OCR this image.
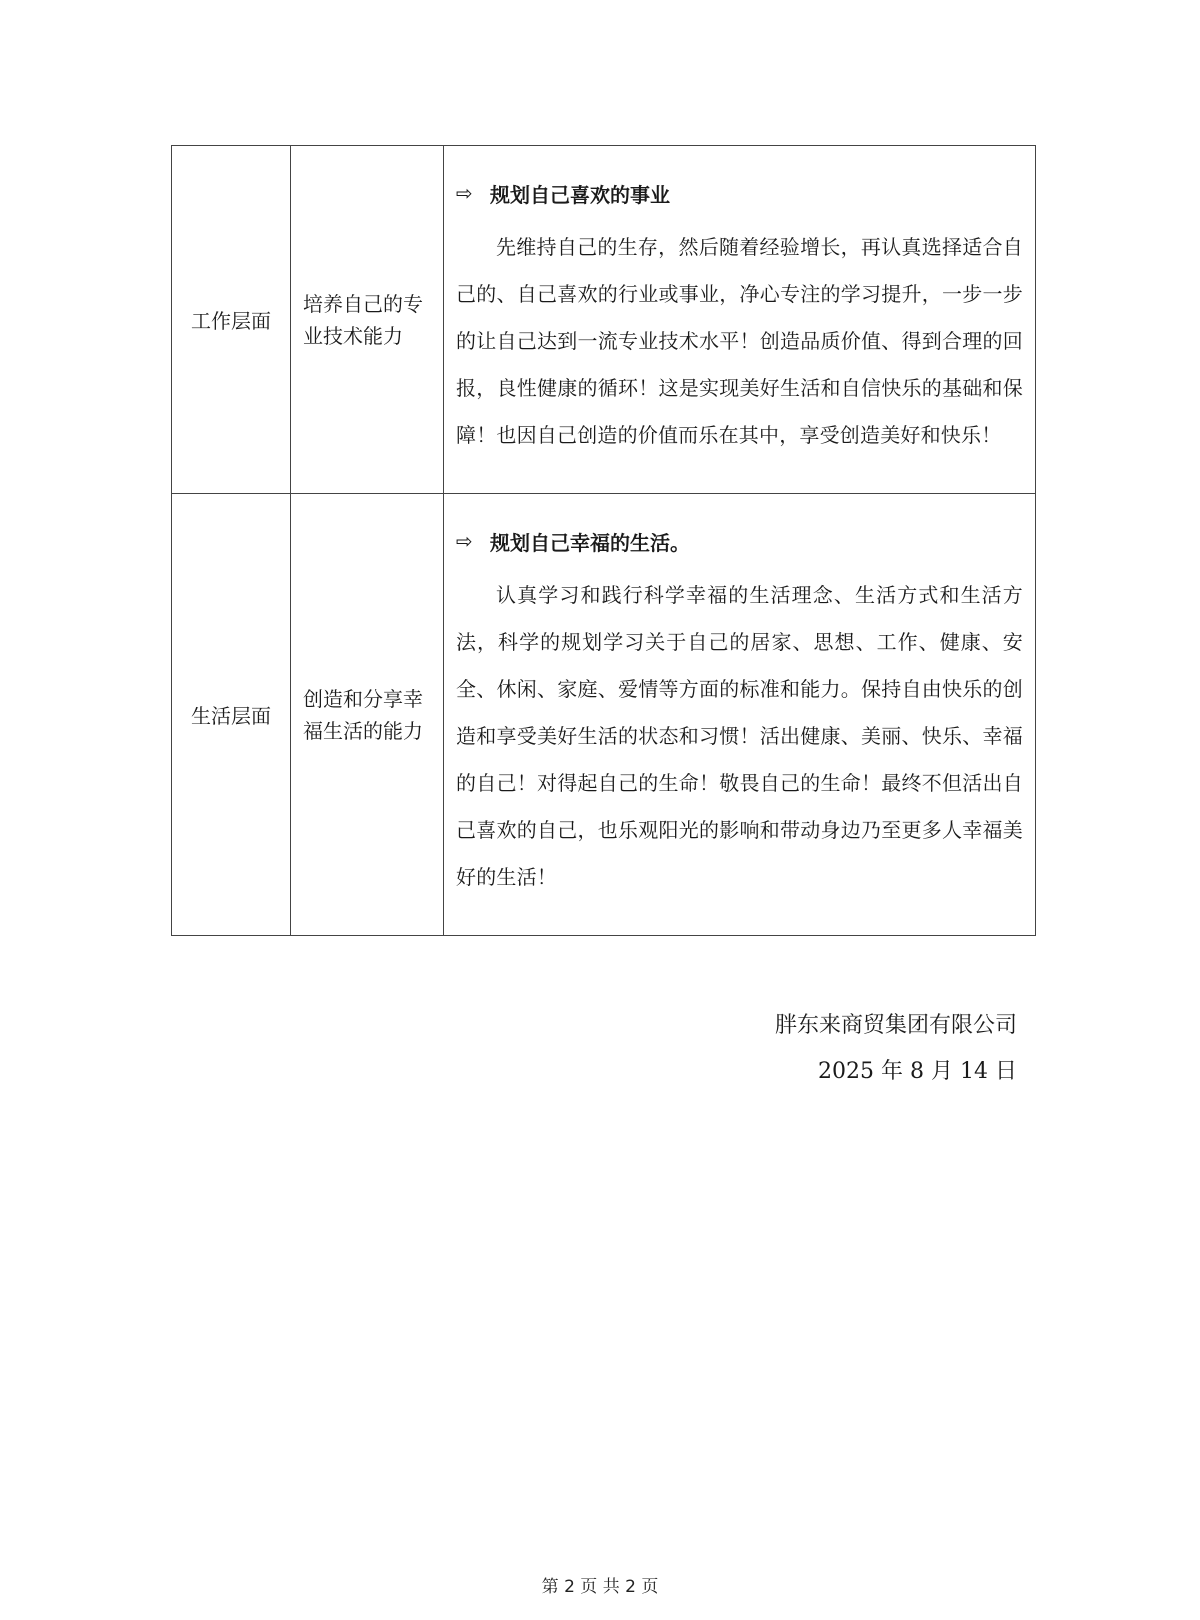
工作层面	培养自己的专业技术能力	⇨ 规划自己喜欢的事业

先维持自己的生存，然后随着经验增长，再认真选择适合自己的、自己喜欢的行业或事业，净心专注的学习提升，一步一步的让自己达到一流专业技术水平！创造品质价值、得到合理的回报，良性健康的循环！这是实现美好生活和自信快乐的基础和保障！也因自己创造的价值而乐在其中，享受创造美好和快乐！

生活层面	创造和分享幸福生活的能力	⇨ 规划自己幸福的生活。

认真学习和践行科学幸福的生活理念、生活方式和生活方法，科学的规划学习关于自己的居家、思想、工作、健康、安全、休闲、家庭、爱情等方面的标准和能力。保持自由快乐的创造和享受美好生活的状态和习惯！活出健康、美丽、快乐、幸福的自己！对得起自己的生命！敬畏自己的生命！最终不但活出自己喜欢的自己，也乐观阳光的影响和带动身边乃至更多人幸福美好的生活！

胖东来商贸集团有限公司
2025 年 8 月 14 日
第 2 页 共 2 页
